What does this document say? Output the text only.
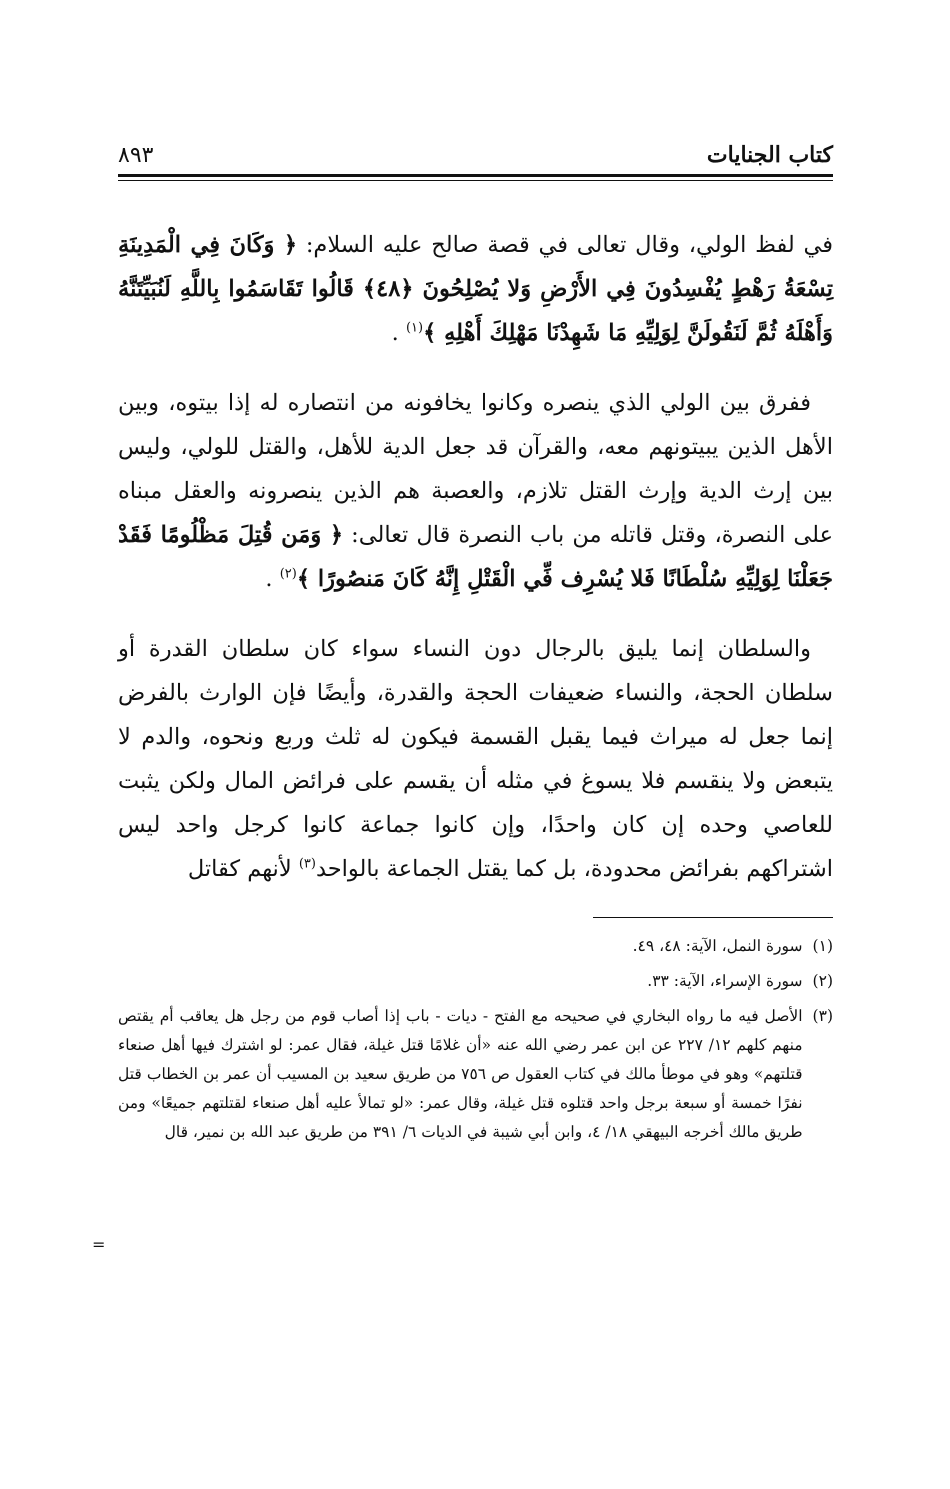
كتاب الجنايات
٨٩٣

في لفظ الولي، وقال تعالى في قصة صالح عليه السلام: ﴿ وَكَانَ فِي الْمَدِينَةِ تِسْعَةُ رَهْطٍ يُفْسِدُونَ فِي الأَرْضِ وَلا يُصْلِحُونَ ﴿٤٨﴾ قَالُوا تَقَاسَمُوا بِاللَّهِ لَنُبَيِّتَنَّهُ وَأَهْلَهُ ثُمَّ لَنَقُولَنَّ لِوَلِيِّهِ مَا شَهِدْنَا مَهْلِكَ أَهْلِهِ ﴾$^{(١)}$ .

ففرق بين الولي الذي ينصره وكانوا يخافونه من انتصاره له إذا بيتوه، وبين الأهل الذين يبيتونهم معه، والقرآن قد جعل الدية للأهل، والقتل للولي، وليس بين إرث الدية وإرث القتل تلازم، والعصبة هم الذين ينصرونه والعقل مبناه على النصرة، وقتل قاتله من باب النصرة قال تعالى: ﴿ وَمَن قُتِلَ مَظْلُومًا فَقَدْ جَعَلْنَا لِوَلِيِّهِ سُلْطَانًا فَلا يُسْرِف فِّي الْقَتْلِ إِنَّهُ كَانَ مَنصُورًا ﴾$^{(٢)}$ .

والسلطان إنما يليق بالرجال دون النساء سواء كان سلطان القدرة أو سلطان الحجة، والنساء ضعيفات الحجة والقدرة، وأيضًا فإن الوارث بالفرض إنما جعل له ميراث فيما يقبل القسمة فيكون له ثلث وربع ونحوه، والدم لا يتبعض ولا ينقسم فلا يسوغ في مثله أن يقسم على فرائض المال ولكن يثبت للعاصي وحده إن كان واحدًا، وإن كانوا جماعة كانوا كرجل واحد ليس اشتراكهم بفرائض محدودة، بل كما يقتل الجماعة بالواحد$^{(٣)}$ لأنهم كقاتل

(١)
سورة النمل، الآية: ٤٨، ٤٩.
(٢)
سورة الإسراء، الآية: ٣٣.
(٣)
الأصل فيه ما رواه البخاري في صحيحه مع الفتح - ديات - باب إذا أصاب قوم من رجل هل يعاقب أم يقتص منهم كلهم ١٢/ ٢٢٧ عن ابن عمر رضي الله عنه «أن غلامًا قتل غيلة، فقال عمر: لو اشترك فيها أهل صنعاء قتلتهم» وهو في موطأ مالك في كتاب العقول ص ٧٥٦ من طريق سعيد بن المسيب أن عمر بن الخطاب قتل نفرًا خمسة أو سبعة برجل واحد قتلوه قتل غيلة، وقال عمر: «لو تمالأ عليه أهل صنعاء لقتلتهم جميعًا» ومن طريق مالك أخرجه البيهقي ١٨/ ٤، وابن أبي شيبة في الديات ٦/ ٣٩١ من طريق عبد الله بن نمير، قال
=
